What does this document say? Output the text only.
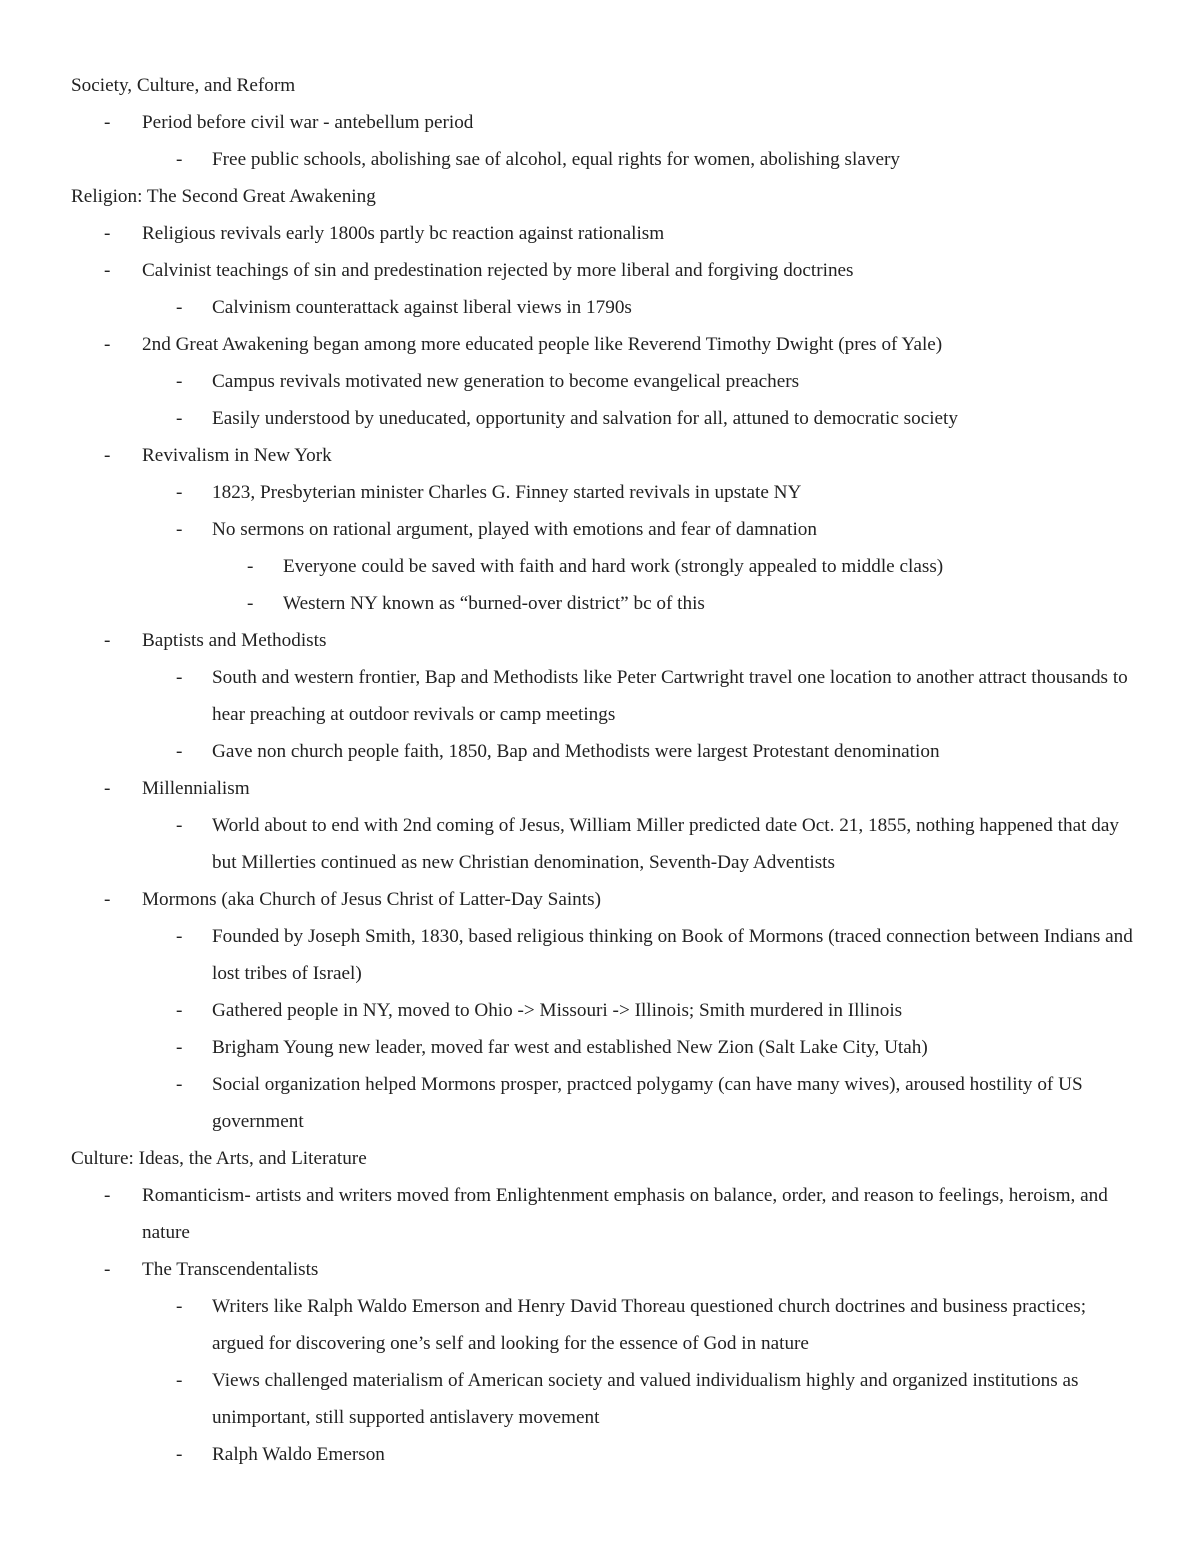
Society, Culture, and Reform
- Period before civil war - antebellum period
- Free public schools, abolishing sae of alcohol, equal rights for women, abolishing slavery
Religion: The Second Great Awakening
- Religious revivals early 1800s partly bc reaction against rationalism
- Calvinist teachings of sin and predestination rejected by more liberal and forgiving doctrines
- Calvinism counterattack against liberal views in 1790s
- 2nd Great Awakening began among more educated people like Reverend Timothy Dwight (pres of Yale)
- Campus revivals motivated new generation to become evangelical preachers
- Easily understood by uneducated, opportunity and salvation for all, attuned to democratic society
- Revivalism in New York
- 1823, Presbyterian minister Charles G. Finney started revivals in upstate NY
- No sermons on rational argument, played with emotions and fear of damnation
- Everyone could be saved with faith and hard work (strongly appealed to middle class)
- Western NY known as “burned-over district” bc of this
- Baptists and Methodists
- South and western frontier, Bap and Methodists like Peter Cartwright travel one location to another attract thousands to hear preaching at outdoor revivals or camp meetings
- Gave non church people faith, 1850, Bap and Methodists were largest Protestant denomination
- Millennialism
- World about to end with 2nd coming of Jesus, William Miller predicted date Oct. 21, 1855, nothing happened that day but Millerties continued as new Christian denomination, Seventh-Day Adventists
- Mormons (aka Church of Jesus Christ of Latter-Day Saints)
- Founded by Joseph Smith, 1830, based religious thinking on Book of Mormons (traced connection between Indians and lost tribes of Israel)
- Gathered people in NY, moved to Ohio -> Missouri -> Illinois; Smith murdered in Illinois
- Brigham Young new leader, moved far west and established New Zion (Salt Lake City, Utah)
- Social organization helped Mormons prosper, practced polygamy (can have many wives), aroused hostility of US government
Culture: Ideas, the Arts, and Literature
- Romanticism- artists and writers moved from Enlightenment emphasis on balance, order, and reason to feelings, heroism, and nature
- The Transcendentalists
- Writers like Ralph Waldo Emerson and Henry David Thoreau questioned church doctrines and business practices; argued for discovering one’s self and looking for the essence of God in nature
- Views challenged materialism of American society and valued individualism highly and organized institutions as unimportant, still supported antislavery movement
- Ralph Waldo Emerson
